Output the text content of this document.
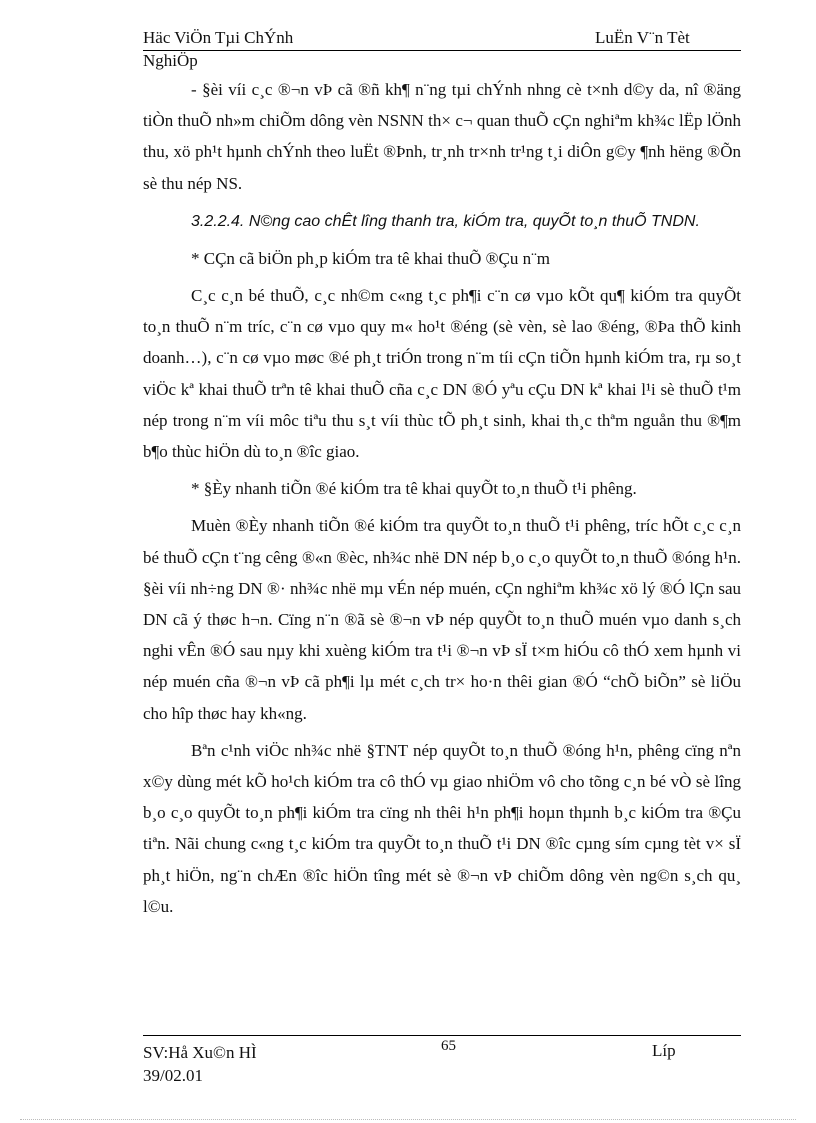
Häc ViÖn Tµi ChÝnh	LuËn V¨n Tèt
NghiÖp

- §èi víi c¸c ®¬n vÞ cã ®ñ kh¶ n¨ng tµi chÝnh nhng cè t×nh d©y da, nî ®äng tiÒn thuÕ nh»m chiÕm dông vèn NSNN th× c¬ quan thuÕ cÇn nghiªm kh¾c lËp lÖnh thu, xö ph¹t hµnh chÝnh theo luËt ®Þnh, tr¸nh tr×nh tr¹ng t¸i diÔn g©y ¶nh hëng ®Õn sè thu nép NS.

3.2.2.4. N©ng cao chÊt lîng thanh tra, kiÓm tra, quyÕt to¸n thuÕ TNDN.

* CÇn cã biÖn ph¸p kiÓm tra tê khai thuÕ ®Çu n¨m

C¸c c¸n bé thuÕ, c¸c nh©m c«ng t¸c ph¶i c¨n cø vµo kÕt qu¶ kiÓm tra quyÕt to¸n thuÕ n¨m tríc, c¨n cø vµo quy m« ho¹t ®éng (sè vèn, sè lao ®éng, ®Þa thÕ kinh doanh…), c¨n cø vµo møc ®é ph¸t triÓn trong n¨m tíi cÇn tiÕn hµnh kiÓm tra, rµ so¸t viÖc kª khai thuÕ trªn tê khai thuÕ cña c¸c DN ®Ó yªu cÇu DN kª khai l¹i sè thuÕ t¹m nép trong n¨m víi môc tiªu thu s¸t víi thùc tÕ ph¸t sinh, khai th¸c thªm nguån thu ®¶m b¶o thùc hiÖn dù to¸n ®îc giao.

* §Èy nhanh tiÕn ®é kiÓm tra tê khai quyÕt to¸n thuÕ t¹i phêng.

Muèn ®Èy nhanh tiÕn ®é kiÓm tra quyÕt to¸n thuÕ t¹i phêng, tríc hÕt c¸c c¸n bé thuÕ cÇn t¨ng cêng ®«n ®èc, nh¾c nhë DN nép b¸o c¸o quyÕt to¸n thuÕ ®óng h¹n. §èi víi nh÷ng DN ®· nh¾c nhë mµ vÉn nép muén, cÇn nghiªm kh¾c xö lý ®Ó lÇn sau DN cã ý thøc h¬n. Cïng n¨n ®ã sè ®¬n vÞ nép quyÕt to¸n thuÕ muén vµo danh s¸ch nghi vÊn ®Ó sau nµy khi xuèng kiÓm tra t¹i ®¬n vÞ sÏ t×m hiÓu cô thÓ xem hµnh vi nép muén cña ®¬n vÞ cã ph¶i lµ mét c¸ch tr× ho·n thêi gian ®Ó “chÕ biÕn” sè liÖu cho hîp thøc hay kh«ng.

Bªn c¹nh viÖc nh¾c nhë §TNT nép quyÕt to¸n thuÕ ®óng h¹n, phêng cïng nªn x©y dùng mét kÕ ho¹ch kiÓm tra cô thÓ vµ giao nhiÖm vô cho tõng c¸n bé vÒ sè lîng b¸o c¸o quyÕt to¸n ph¶i kiÓm tra cïng nh thêi h¹n ph¶i hoµn thµnh b¸c kiÓm tra ®Çu tiªn. Nãi chung c«ng t¸c kiÓm tra quyÕt to¸n thuÕ t¹i DN ®îc cµng sím cµng tèt v× sÏ ph¸t hiÖn, ng¨n chÆn ®îc hiÖn tîng mét sè ®¬n vÞ chiÕm dông vèn ng©n s¸ch qu¸ l©u.

SV:Hå Xu©n HÌ
39/02.01
65	Líp
